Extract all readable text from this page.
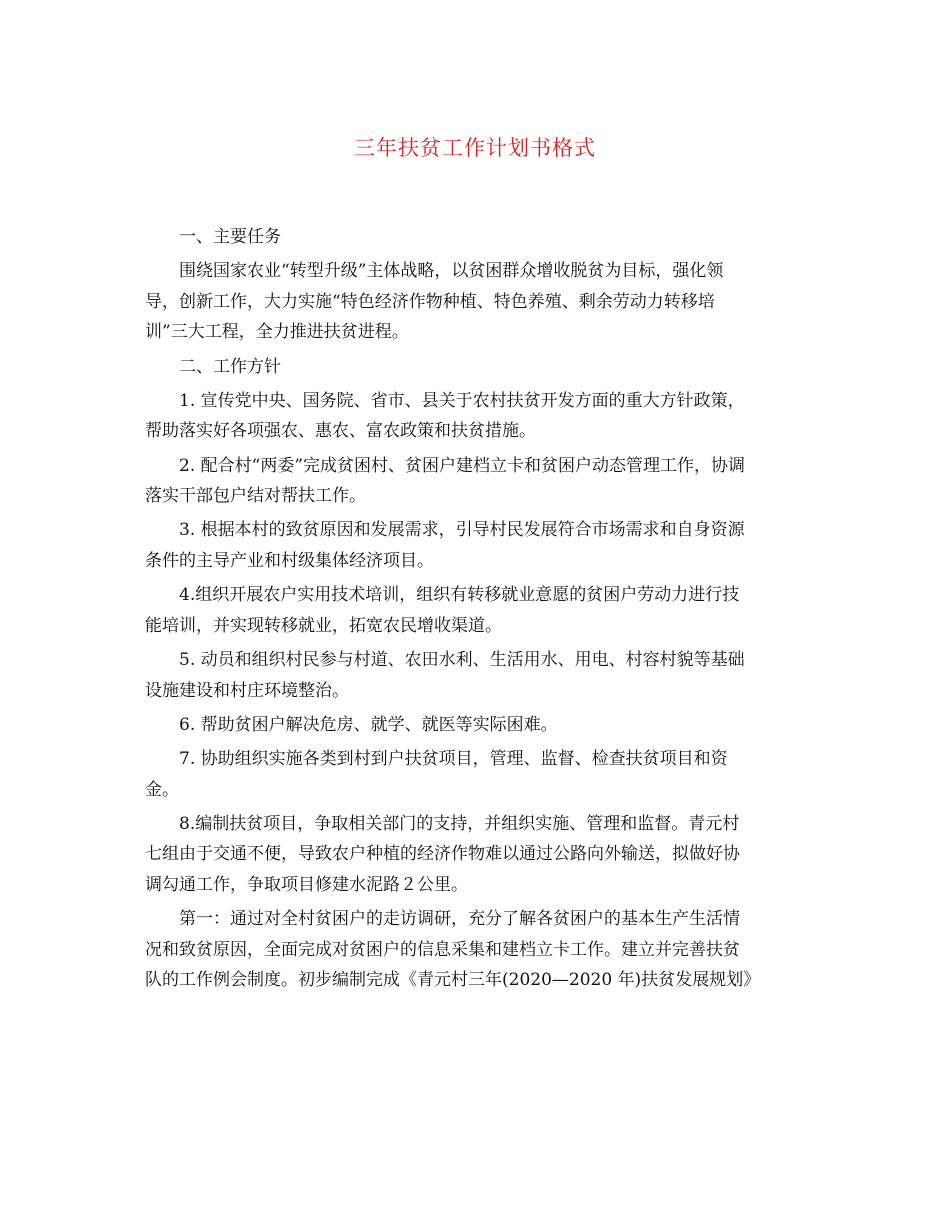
三年扶贫工作计划书格式

一、主要任务

围绕国家农业“转型升级”主体战略，以贫困群众增收脱贫为目标，强化领
导，创新工作，大力实施“特色经济作物种植、特色养殖、剩余劳动力转移培
训”三大工程，全力推进扶贫进程。

二、工作方针

1. 宣传党中央、国务院、省市、县关于农村扶贫开发方面的重大方针政策，
帮助落实好各项强农、惠农、富农政策和扶贫措施。

2. 配合村“两委”完成贫困村、贫困户建档立卡和贫困户动态管理工作，协调
落实干部包户结对帮扶工作。

3. 根据本村的致贫原因和发展需求，引导村民发展符合市场需求和自身资源
条件的主导产业和村级集体经济项目。

4.组织开展农户实用技术培训，组织有转移就业意愿的贫困户劳动力进行技
能培训，并实现转移就业，拓宽农民增收渠道。

5. 动员和组织村民参与村道、农田水利、生活用水、用电、村容村貌等基础
设施建设和村庄环境整治。

6. 帮助贫困户解决危房、就学、就医等实际困难。

7. 协助组织实施各类到村到户扶贫项目，管理、监督、检查扶贫项目和资
金。

8.编制扶贫项目，争取相关部门的支持，并组织实施、管理和监督。青元村
七组由于交通不便，导致农户种植的经济作物难以通过公路向外输送，拟做好协
调勾通工作，争取项目修建水泥路２公里。

第一：通过对全村贫困户的走访调研，充分了解各贫困户的基本生产生活情
况和致贫原因，全面完成对贫困户的信息采集和建档立卡工作。建立并完善扶贫
队的工作例会制度。初步编制完成《青元村三年(2020—2020 年)扶贫发展规划》
